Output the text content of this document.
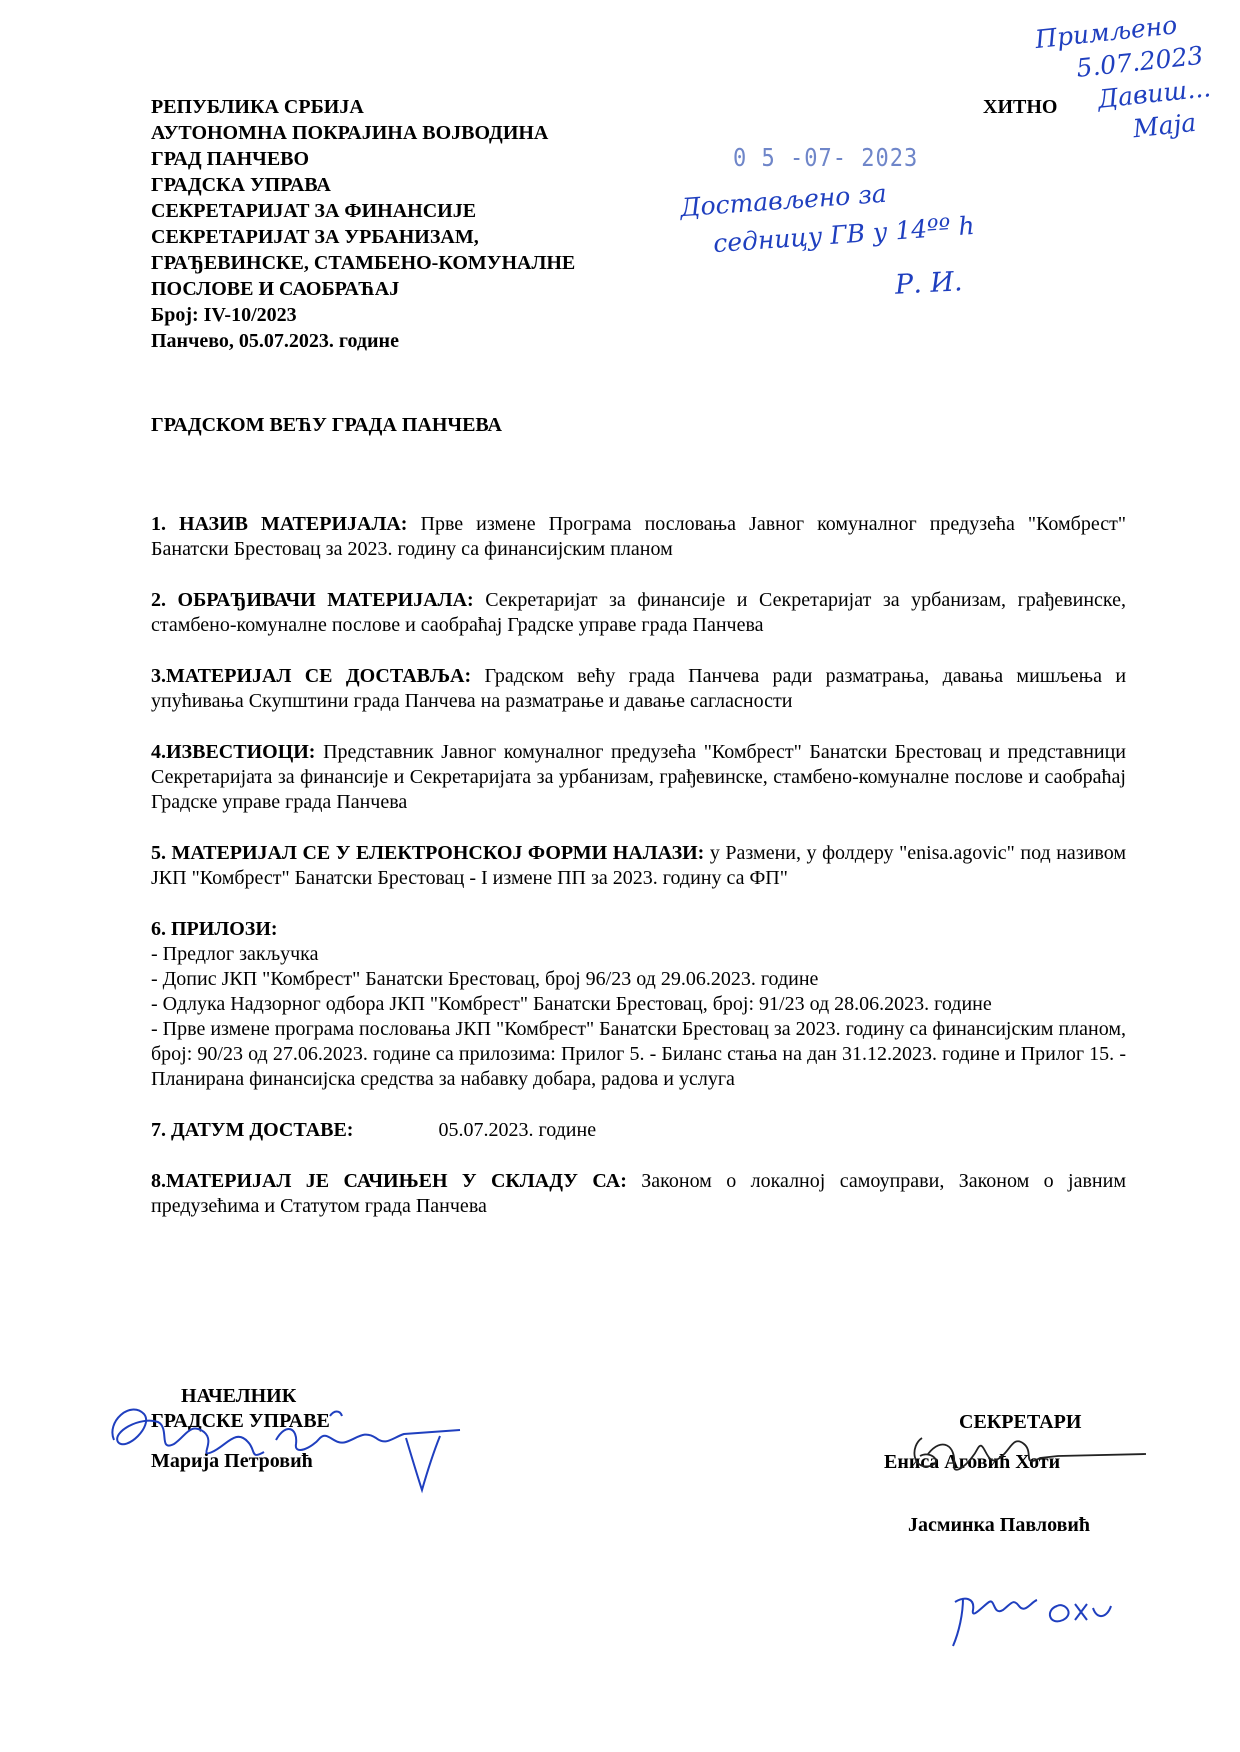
РЕПУБЛИКА СРБИЈА
АУТОНОМНА ПОКРАЈИНА ВОЈВОДИНА
ГРАД ПАНЧЕВО
ГРАДСКА УПРАВА
СЕКРЕТАРИЈАТ ЗА ФИНАНСИЈЕ
СЕКРЕТАРИЈАТ ЗА УРБАНИЗАМ,
ГРАЂЕВИНСКЕ, СТАМБЕНО-КОМУНАЛНЕ
ПОСЛОВЕ И САОБРАЋАЈ
Број: IV-10/2023
Панчево, 05.07.2023. године
ХИТНО
0 5 -07- 2023
Достављено за
седницу ГВ у 14ºº h
Р. И.
Примљено
5.07.2023
Давиш...
Маја
ГРАДСКОМ ВЕЋУ ГРАДА ПАНЧЕВА
1. НАЗИВ МАТЕРИЈАЛА: Прве измене Програма пословања Јавног комуналног предузећа "Комбрест" Банатски Брестовац за 2023. годину са финансијским планом
2. ОБРАЂИВАЧИ МАТЕРИЈАЛА: Секретаријат за финансије и Секретаријат за урбанизам, грађевинске, стамбено-комуналне послове и саобраћај Градске управе града Панчева
3.МАТЕРИЈАЛ СЕ ДОСТАВЉА: Градском већу града Панчева ради разматрања, давања мишљења и упућивања Скупштини града Панчева на разматрање и давање сагласности
4.ИЗВЕСТИОЦИ: Представник Јавног комуналног предузећа "Комбрест" Банатски Брестовац и представници Секретаријата за финансије и Секретаријата за урбанизам, грађевинске, стамбено-комуналне послове и саобраћај Градске управе града Панчева
5. МАТЕРИЈАЛ СЕ У ЕЛЕКТРОНСКОЈ ФОРМИ НАЛАЗИ: у Размени, у фолдеру "enisa.agovic" под називом ЈКП "Комбрест" Банатски Брестовац - I измене ПП за 2023. годину са ФП"
6. ПРИЛОЗИ:
- Предлог закључка
- Допис ЈКП "Комбрест" Банатски Брестовац, број 96/23 од 29.06.2023. године
- Одлука Надзорног одбора ЈКП "Комбрест" Банатски Брестовац, број: 91/23 од 28.06.2023. године
- Прве измене програма пословања ЈКП "Комбрест" Банатски Брестовац за 2023. годину са финансијским планом, број: 90/23 од 27.06.2023. године са прилозима: Прилог 5. - Биланс стања на дан 31.12.2023. године и Прилог 15. - Планирана финансијска средства за набавку добара, радова и услуга
7. ДАТУМ ДОСТАВЕ:	05.07.2023. године
8.МАТЕРИЈАЛ ЈЕ САЧИЊЕН У СКЛАДУ СА: Законом о локалној самоуправи, Законом о јавним предузећима и Статутом града Панчева
НАЧЕЛНИК
ГРАДСКЕ УПРАВЕ
Марија Петровић
СЕКРЕТАРИ
Енисa Аговић Хоти
Јасминка Павловић
